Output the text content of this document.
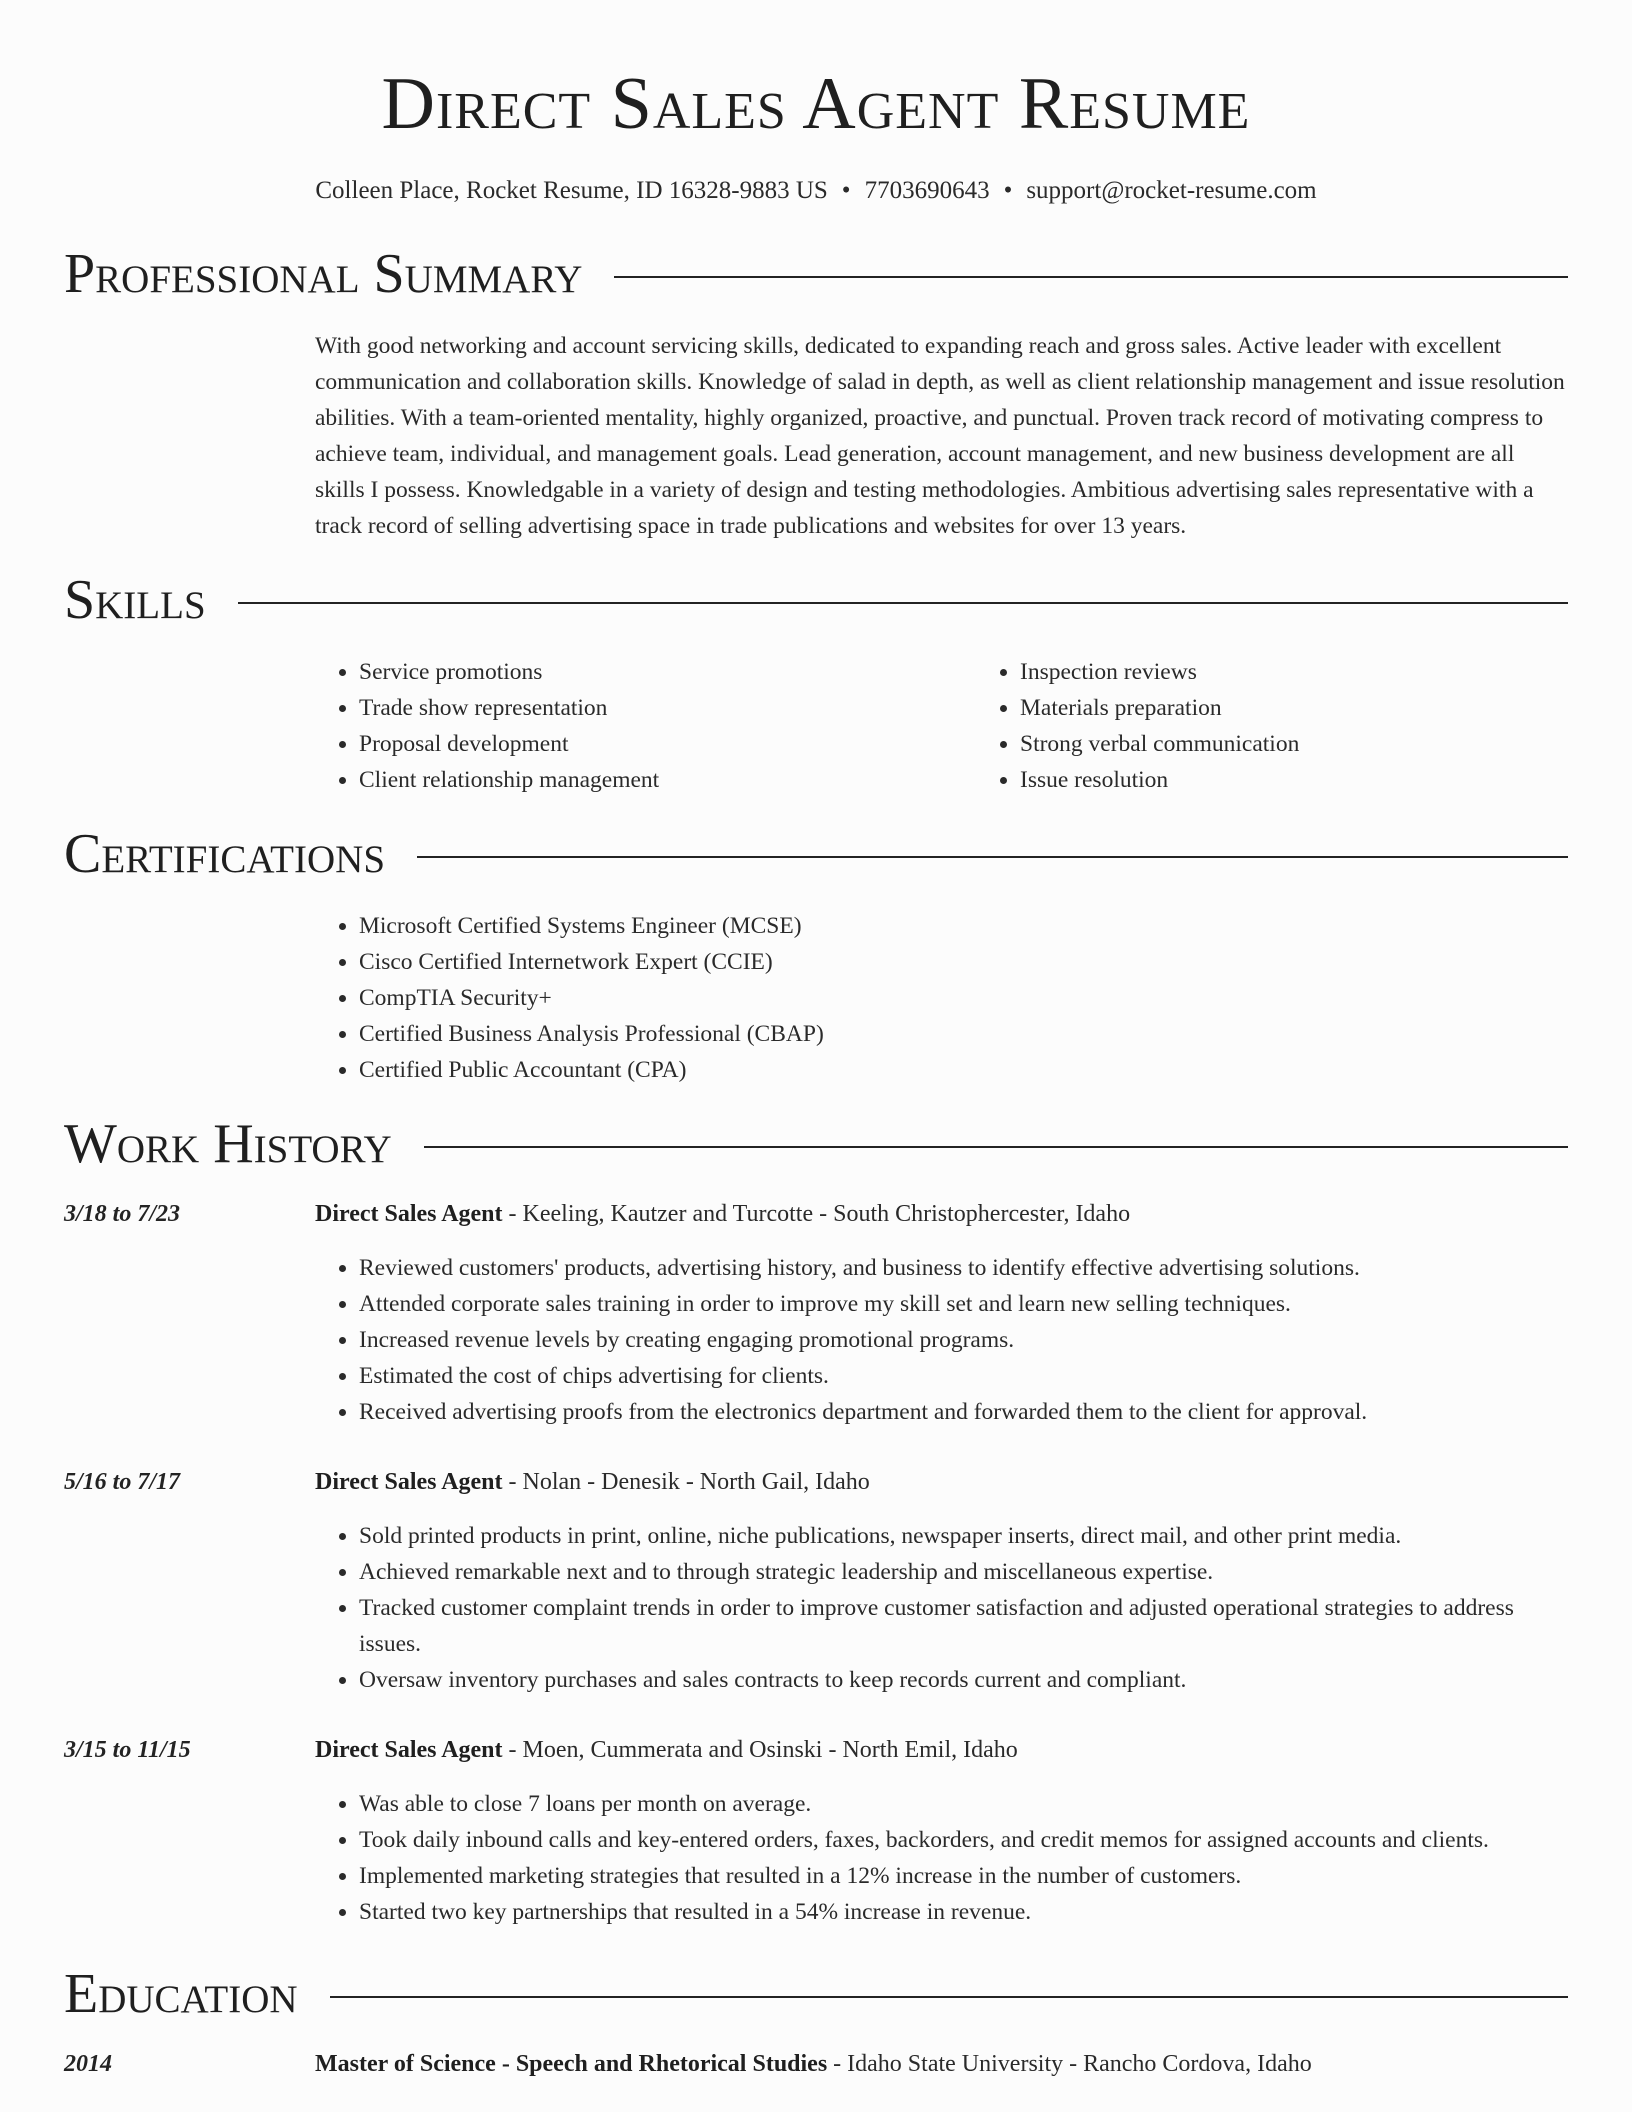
Direct Sales Agent Resume
Colleen Place, Rocket Resume, ID 16328-9883 US • 7703690643 • support@rocket-resume.com
Professional Summary

With good networking and account servicing skills, dedicated to expanding reach and gross sales. Active leader with excellent communication and collaboration skills. Knowledge of salad in depth, as well as client relationship management and issue resolution abilities. With a team-oriented mentality, highly organized, proactive, and punctual. Proven track record of motivating compress to achieve team, individual, and management goals. Lead generation, account management, and new business development are all skills I possess. Knowledgable in a variety of design and testing methodologies. Ambitious advertising sales representative with a track record of selling advertising space in trade publications and websites for over 13 years.

Skills
• Service promotions
• Trade show representation
• Proposal development
• Client relationship management
• Inspection reviews
• Materials preparation
• Strong verbal communication
• Issue resolution
Certifications
• Microsoft Certified Systems Engineer (MCSE)
• Cisco Certified Internetwork Expert (CCIE)
• CompTIA Security+
• Certified Business Analysis Professional (CBAP)
• Certified Public Accountant (CPA)
Work History
3/18 to 7/23	Direct Sales Agent - Keeling, Kautzer and Turcotte - South Christophercester, Idaho
• Reviewed customers' products, advertising history, and business to identify effective advertising solutions.
• Attended corporate sales training in order to improve my skill set and learn new selling techniques.
• Increased revenue levels by creating engaging promotional programs.
• Estimated the cost of chips advertising for clients.
• Received advertising proofs from the electronics department and forwarded them to the client for approval.
5/16 to 7/17	Direct Sales Agent - Nolan - Denesik - North Gail, Idaho
• Sold printed products in print, online, niche publications, newspaper inserts, direct mail, and other print media.
• Achieved remarkable next and to through strategic leadership and miscellaneous expertise.
• Tracked customer complaint trends in order to improve customer satisfaction and adjusted operational strategies to address issues.
• Oversaw inventory purchases and sales contracts to keep records current and compliant.
3/15 to 11/15	Direct Sales Agent - Moen, Cummerata and Osinski - North Emil, Idaho
• Was able to close 7 loans per month on average.
• Took daily inbound calls and key-entered orders, faxes, backorders, and credit memos for assigned accounts and clients.
• Implemented marketing strategies that resulted in a 12% increase in the number of customers.
• Started two key partnerships that resulted in a 54% increase in revenue.
Education
2014	Master of Science - Speech and Rhetorical Studies - Idaho State University - Rancho Cordova, Idaho
